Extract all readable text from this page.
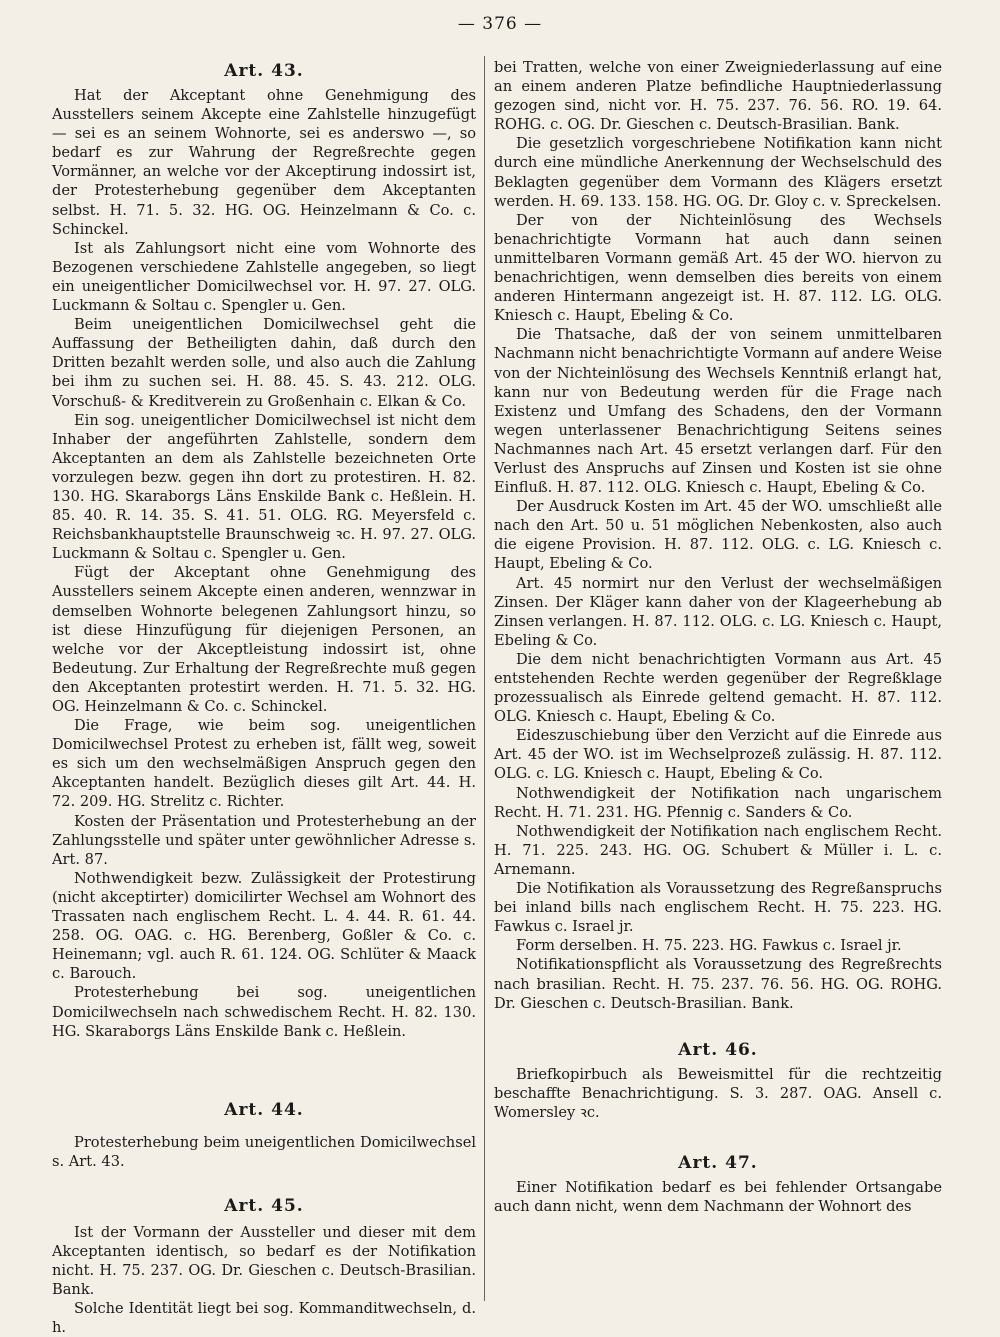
— 376 —
Art. 43.

Hat der Akceptant ohne Genehmigung des Ausstellers seinem Akcepte eine Zahlstelle hinzugefügt — sei es an seinem Wohnorte, sei es anderswo —, so bedarf es zur Wahrung der Regreßrechte gegen Vormänner, an welche vor der Akceptirung indossirt ist, der Protesterhebung gegenüber dem Akceptanten selbst. H. 71. 5. 32. HG. OG. Heinzelmann & Co. c. Schinckel.

Ist als Zahlungsort nicht eine vom Wohnorte des Bezogenen verschiedene Zahlstelle angegeben, so liegt ein uneigentlicher Domicilwechsel vor. H. 97. 27. OLG. Luckmann & Soltau c. Spengler u. Gen.

Beim uneigentlichen Domicilwechsel geht die Auffassung der Betheiligten dahin, daß durch den Dritten bezahlt werden solle, und also auch die Zahlung bei ihm zu suchen sei. H. 88. 45. S. 43. 212. OLG. Vorschuß- & Kreditverein zu Großenhain c. Elkan & Co.

Ein sog. uneigentlicher Domicilwechsel ist nicht dem Inhaber der angeführten Zahlstelle, sondern dem Akceptanten an dem als Zahlstelle bezeichneten Orte vorzulegen bezw. gegen ihn dort zu protestiren. H. 82. 130. HG. Skaraborgs Läns Enskilde Bank c. Heßlein. H. 85. 40. R. 14. 35. S. 41. 51. OLG. RG. Meyersfeld c. Reichsbankhauptstelle Braunschweig ꝛc. H. 97. 27. OLG. Luckmann & Soltau c. Spengler u. Gen.

Fügt der Akceptant ohne Genehmigung des Ausstellers seinem Akcepte einen anderen, wennzwar in demselben Wohnorte belegenen Zahlungsort hinzu, so ist diese Hinzufügung für diejenigen Personen, an welche vor der Akceptleistung indossirt ist, ohne Bedeutung. Zur Erhaltung der Regreßrechte muß gegen den Akceptanten protestirt werden. H. 71. 5. 32. HG. OG. Heinzelmann & Co. c. Schinckel.

Die Frage, wie beim sog. uneigentlichen Domicilwechsel Protest zu erheben ist, fällt weg, soweit es sich um den wechselmäßigen Anspruch gegen den Akceptanten handelt. Bezüglich dieses gilt Art. 44. H. 72. 209. HG. Strelitz c. Richter.

Kosten der Präsentation und Protesterhebung an der Zahlungsstelle und später unter gewöhnlicher Adresse s. Art. 87.

Nothwendigkeit bezw. Zulässigkeit der Protestirung (nicht akceptirter) domicilirter Wechsel am Wohnort des Trassaten nach englischem Recht. L. 4. 44. R. 61. 44. 258. OG. OAG. c. HG. Berenberg, Goßler & Co. c. Heinemann; vgl. auch R. 61. 124. OG. Schlüter & Maack c. Barouch.

Protesterhebung bei sog. uneigentlichen Domicilwechseln nach schwedischem Recht. H. 82. 130. HG. Skaraborgs Läns Enskilde Bank c. Heßlein.

Art. 44.

Protesterhebung beim uneigentlichen Domicilwechsel s. Art. 43.

Art. 45.

Ist der Vormann der Aussteller und dieser mit dem Akceptanten identisch, so bedarf es der Notifikation nicht. H. 75. 237. OG. Dr. Gieschen c. Deutsch-Brasilian. Bank.

Solche Identität liegt bei sog. Kommanditwechseln, d. h.

bei Tratten, welche von einer Zweigniederlassung auf eine an einem anderen Platze befindliche Hauptniederlassung gezogen sind, nicht vor. H. 75. 237. 76. 56. RO. 19. 64. ROHG. c. OG. Dr. Gieschen c. Deutsch-Brasilian. Bank.

Die gesetzlich vorgeschriebene Notifikation kann nicht durch eine mündliche Anerkennung der Wechselschuld des Beklagten gegenüber dem Vormann des Klägers ersetzt werden. H. 69. 133. 158. HG. OG. Dr. Gloy c. v. Spreckelsen.

Der von der Nichteinlösung des Wechsels benachrichtigte Vormann hat auch dann seinen unmittelbaren Vormann gemäß Art. 45 der WO. hiervon zu benachrichtigen, wenn demselben dies bereits von einem anderen Hintermann angezeigt ist. H. 87. 112. LG. OLG. Kniesch c. Haupt, Ebeling & Co.

Die Thatsache, daß der von seinem unmittelbaren Nachmann nicht benachrichtigte Vormann auf andere Weise von der Nichteinlösung des Wechsels Kenntniß erlangt hat, kann nur von Bedeutung werden für die Frage nach Existenz und Umfang des Schadens, den der Vormann wegen unterlassener Benachrichtigung Seitens seines Nachmannes nach Art. 45 ersetzt verlangen darf. Für den Verlust des Anspruchs auf Zinsen und Kosten ist sie ohne Einfluß. H. 87. 112. OLG. Kniesch c. Haupt, Ebeling & Co.

Der Ausdruck Kosten im Art. 45 der WO. umschließt alle nach den Art. 50 u. 51 möglichen Nebenkosten, also auch die eigene Provision. H. 87. 112. OLG. c. LG. Kniesch c. Haupt, Ebeling & Co.

Art. 45 normirt nur den Verlust der wechselmäßigen Zinsen. Der Kläger kann daher von der Klageerhebung ab Zinsen verlangen. H. 87. 112. OLG. c. LG. Kniesch c. Haupt, Ebeling & Co.

Die dem nicht benachrichtigten Vormann aus Art. 45 entstehenden Rechte werden gegenüber der Regreßklage prozessualisch als Einrede geltend gemacht. H. 87. 112. OLG. Kniesch c. Haupt, Ebeling & Co.

Eideszuschiebung über den Verzicht auf die Einrede aus Art. 45 der WO. ist im Wechselprozeß zulässig. H. 87. 112. OLG. c. LG. Kniesch c. Haupt, Ebeling & Co.

Nothwendigkeit der Notifikation nach ungarischem Recht. H. 71. 231. HG. Pfennig c. Sanders & Co.

Nothwendigkeit der Notifikation nach englischem Recht. H. 71. 225. 243. HG. OG. Schubert & Müller i. L. c. Arnemann.

Die Notifikation als Voraussetzung des Regreßanspruchs bei inland bills nach englischem Recht. H. 75. 223. HG. Fawkus c. Israel jr.

Form derselben. H. 75. 223. HG. Fawkus c. Israel jr.

Notifikationspflicht als Voraussetzung des Regreßrechts nach brasilian. Recht. H. 75. 237. 76. 56. HG. OG. ROHG. Dr. Gieschen c. Deutsch-Brasilian. Bank.

Art. 46.

Briefkopirbuch als Beweismittel für die rechtzeitig beschaffte Benachrichtigung. S. 3. 287. OAG. Ansell c. Womersley ꝛc.

Art. 47.

Einer Notifikation bedarf es bei fehlender Ortsangabe auch dann nicht, wenn dem Nachmann der Wohnort des
